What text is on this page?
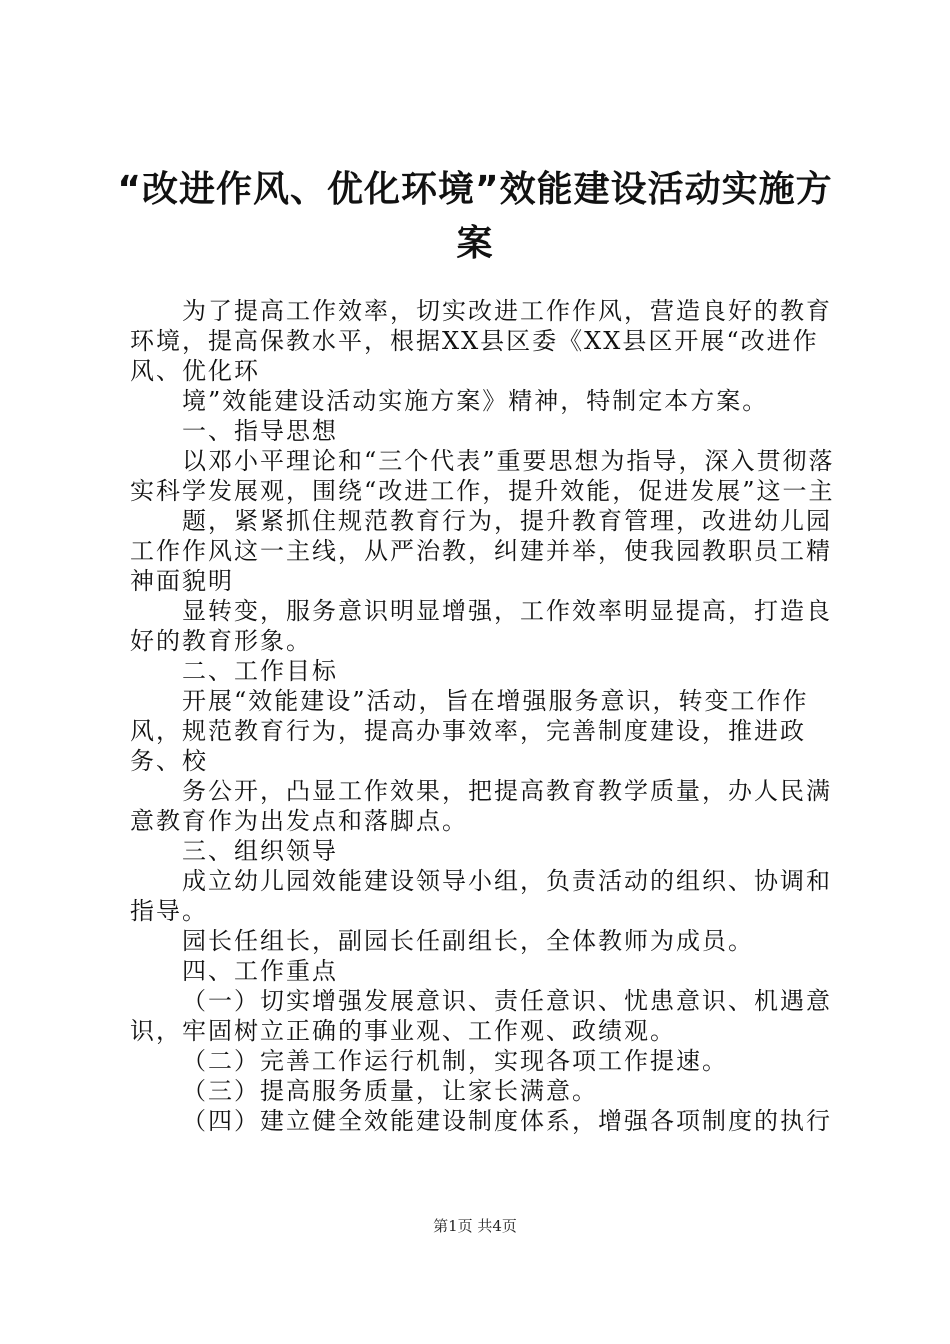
“改进作风、优化环境”效能建设活动实施方
案

为了提高工作效率，切实改进工作作风，营造良好的教育环境，提高保教水平，根据XX县区委《XX县区开展“改进作风、优化环

境”效能建设活动实施方案》精神，特制定本方案。

一、指导思想

以邓小平理论和“三个代表”重要思想为指导，深入贯彻落实科学发展观，围绕“改进工作，提升效能，促进发展”这一主

题，紧紧抓住规范教育行为，提升教育管理，改进幼儿园工作作风这一主线，从严治教，纠建并举，使我园教职员工精神面貌明

显转变，服务意识明显增强，工作效率明显提高，打造良好的教育形象。

二、工作目标

开展“效能建设”活动，旨在增强服务意识，转变工作作风，规范教育行为，提高办事效率，完善制度建设，推进政务、校

务公开，凸显工作效果，把提高教育教学质量，办人民满意教育作为出发点和落脚点。

三、组织领导

成立幼儿园效能建设领导小组，负责活动的组织、协调和指导。

园长任组长，副园长任副组长，全体教师为成员。

四、工作重点

（一）切实增强发展意识、责任意识、忧患意识、机遇意识，牢固树立正确的事业观、工作观、政绩观。

（二）完善工作运行机制，实现各项工作提速。

（三）提高服务质量，让家长满意。

（四）建立健全效能建设制度体系，增强各项制度的执行

第1页 共4页
